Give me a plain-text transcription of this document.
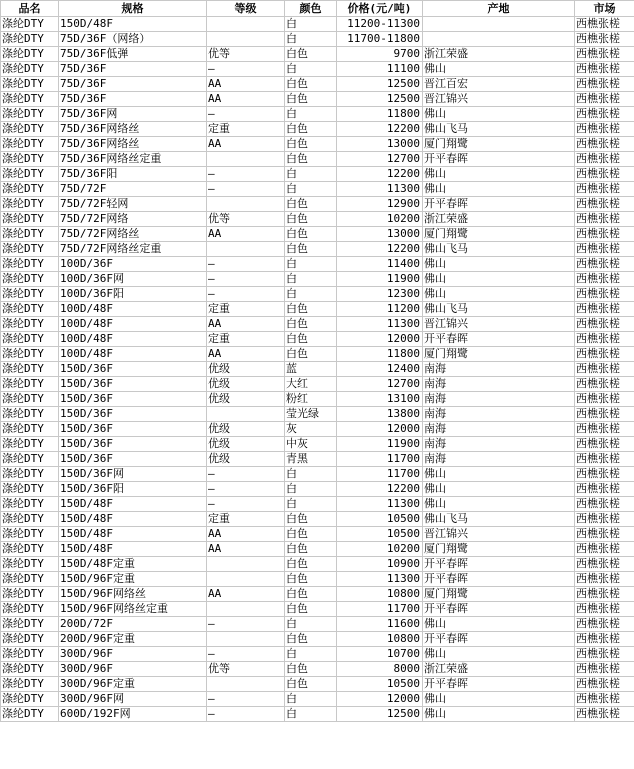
品名	规格	等级	颜色	价格(元/吨)	产地	市场
涤纶DTY	150D/48F		白	11200-11300		西樵张槎
涤纶DTY	75D/36F（网络）		白	11700-11800		西樵张槎
涤纶DTY	75D/36F低弹	优等	白色	9700	浙江荣盛	西樵张槎
涤纶DTY	75D/36F	—	白	11100	佛山	西樵张槎
涤纶DTY	75D/36F	AA	白色	12500	晋江百宏	西樵张槎
涤纶DTY	75D/36F	AA	白色	12500	晋江锦兴	西樵张槎
涤纶DTY	75D/36F网	—	白	11800	佛山	西樵张槎
涤纶DTY	75D/36F网络丝	定重	白色	12200	佛山飞马	西樵张槎
涤纶DTY	75D/36F网络丝	AA	白色	13000	厦门翔鹭	西樵张槎
涤纶DTY	75D/36F网络丝定重		白色	12700	开平春晖	西樵张槎
涤纶DTY	75D/36F阳	—	白	12200	佛山	西樵张槎
涤纶DTY	75D/72F	—	白	11300	佛山	西樵张槎
涤纶DTY	75D/72F轻网		白色	12900	开平春晖	西樵张槎
涤纶DTY	75D/72F网络	优等	白色	10200	浙江荣盛	西樵张槎
涤纶DTY	75D/72F网络丝	AA	白色	13000	厦门翔鹭	西樵张槎
涤纶DTY	75D/72F网络丝定重		白色	12200	佛山飞马	西樵张槎
涤纶DTY	100D/36F	—	白	11400	佛山	西樵张槎
涤纶DTY	100D/36F网	—	白	11900	佛山	西樵张槎
涤纶DTY	100D/36F阳	—	白	12300	佛山	西樵张槎
涤纶DTY	100D/48F	定重	白色	11200	佛山飞马	西樵张槎
涤纶DTY	100D/48F	AA	白色	11300	晋江锦兴	西樵张槎
涤纶DTY	100D/48F	定重	白色	12000	开平春晖	西樵张槎
涤纶DTY	100D/48F	AA	白色	11800	厦门翔鹭	西樵张槎
涤纶DTY	150D/36F	优级	蓝	12400	南海	西樵张槎
涤纶DTY	150D/36F	优级	大红	12700	南海	西樵张槎
涤纶DTY	150D/36F	优级	粉红	13100	南海	西樵张槎
涤纶DTY	150D/36F		莹光绿	13800	南海	西樵张槎
涤纶DTY	150D/36F	优级	灰	12000	南海	西樵张槎
涤纶DTY	150D/36F	优级	中灰	11900	南海	西樵张槎
涤纶DTY	150D/36F	优级	青黑	11700	南海	西樵张槎
涤纶DTY	150D/36F网	—	白	11700	佛山	西樵张槎
涤纶DTY	150D/36F阳	—	白	12200	佛山	西樵张槎
涤纶DTY	150D/48F	—	白	11300	佛山	西樵张槎
涤纶DTY	150D/48F	定重	白色	10500	佛山飞马	西樵张槎
涤纶DTY	150D/48F	AA	白色	10500	晋江锦兴	西樵张槎
涤纶DTY	150D/48F	AA	白色	10200	厦门翔鹭	西樵张槎
涤纶DTY	150D/48F定重		白色	10900	开平春晖	西樵张槎
涤纶DTY	150D/96F定重		白色	11300	开平春晖	西樵张槎
涤纶DTY	150D/96F网络丝	AA	白色	10800	厦门翔鹭	西樵张槎
涤纶DTY	150D/96F网络丝定重		白色	11700	开平春晖	西樵张槎
涤纶DTY	200D/72F	—	白	11600	佛山	西樵张槎
涤纶DTY	200D/96F定重		白色	10800	开平春晖	西樵张槎
涤纶DTY	300D/96F	—	白	10700	佛山	西樵张槎
涤纶DTY	300D/96F	优等	白色	8000	浙江荣盛	西樵张槎
涤纶DTY	300D/96F定重		白色	10500	开平春晖	西樵张槎
涤纶DTY	300D/96F网	—	白	12000	佛山	西樵张槎
涤纶DTY	600D/192F网	—	白	12500	佛山	西樵张槎
